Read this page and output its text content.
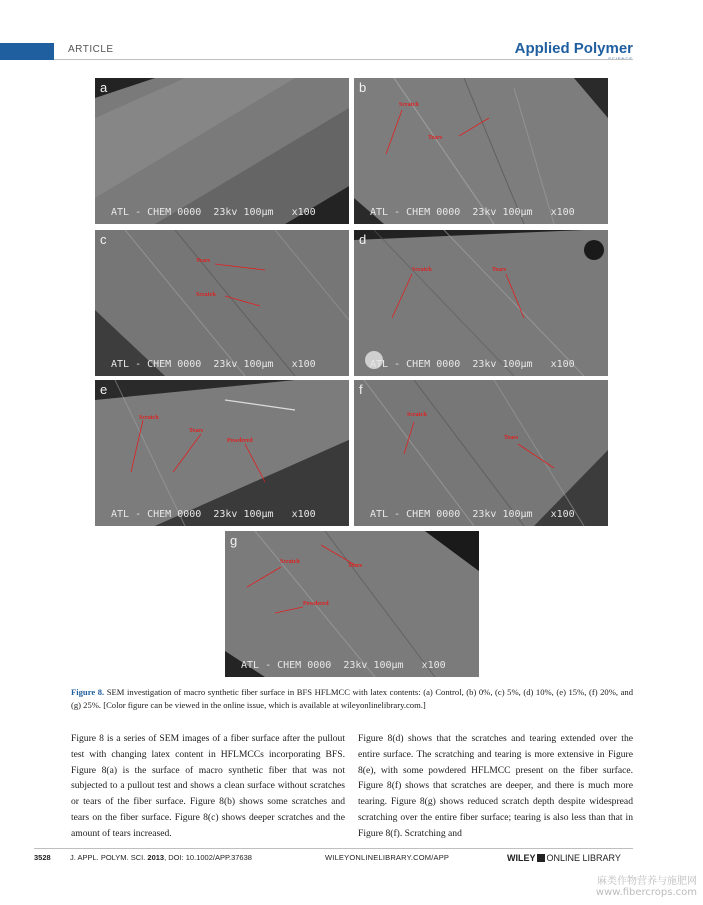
ARTICLE	Applied Polymer
a
ATL - CHEM 0000  23kv 100µm   x100
b
Scratch
Tears
ATL - CHEM 0000  23kv 100µm   x100
c
Tears
Scratch
ATL - CHEM 0000  23kv 100µm   x100
d
Scratch	Tears
ATL - CHEM 0000  23kv 100µm   x100
e
Scratch
Tears
Powdered
ATL - CHEM 0000  23kv 100µm   x100
f
Scratch
Tears
ATL - CHEM 0000  23kv 100µm   x100
g
Scratch
Tears
Powdered
ATL - CHEM 0000  23kv 100µm   x100
Figure 8. SEM investigation of macro synthetic fiber surface in BFS HFLMCC with latex contents: (a) Control, (b) 0%, (c) 5%, (d) 10%, (e) 15%, (f) 20%, and (g) 25%. [Color figure can be viewed in the online issue, which is available at wileyonlinelibrary.com.]
Figure 8 is a series of SEM images of a fiber surface after the pullout test with changing latex content in HFLMCCs incorporating BFS. Figure 8(a) is the surface of macro synthetic fiber that was not subjected to a pullout test and shows a clean surface without scratches or tears of the fiber surface. Figure 8(b) shows some scratches and tears on the fiber surface. Figure 8(c) shows deeper scratches and the amount of tears increased.
Figure 8(d) shows that the scratches and tearing extended over the entire surface. The scratching and tearing is more extensive in Figure 8(e), with some powdered HFLMCC present on the fiber surface. Figure 8(f) shows that scratches are deeper, and there is much more tearing. Figure 8(g) shows reduced scratch depth despite widespread scratching over the entire fiber surface; tearing is also less than that in Figure 8(f). Scratching and
3528	J. APPL. POLYM. SCI. 2013, DOI: 10.1002/APP.37638	WILEYONLINELIBRARY.COM/APP	WILEY ONLINE LIBRARY
麻类作物营养与施肥网
www.fibercrops.com
